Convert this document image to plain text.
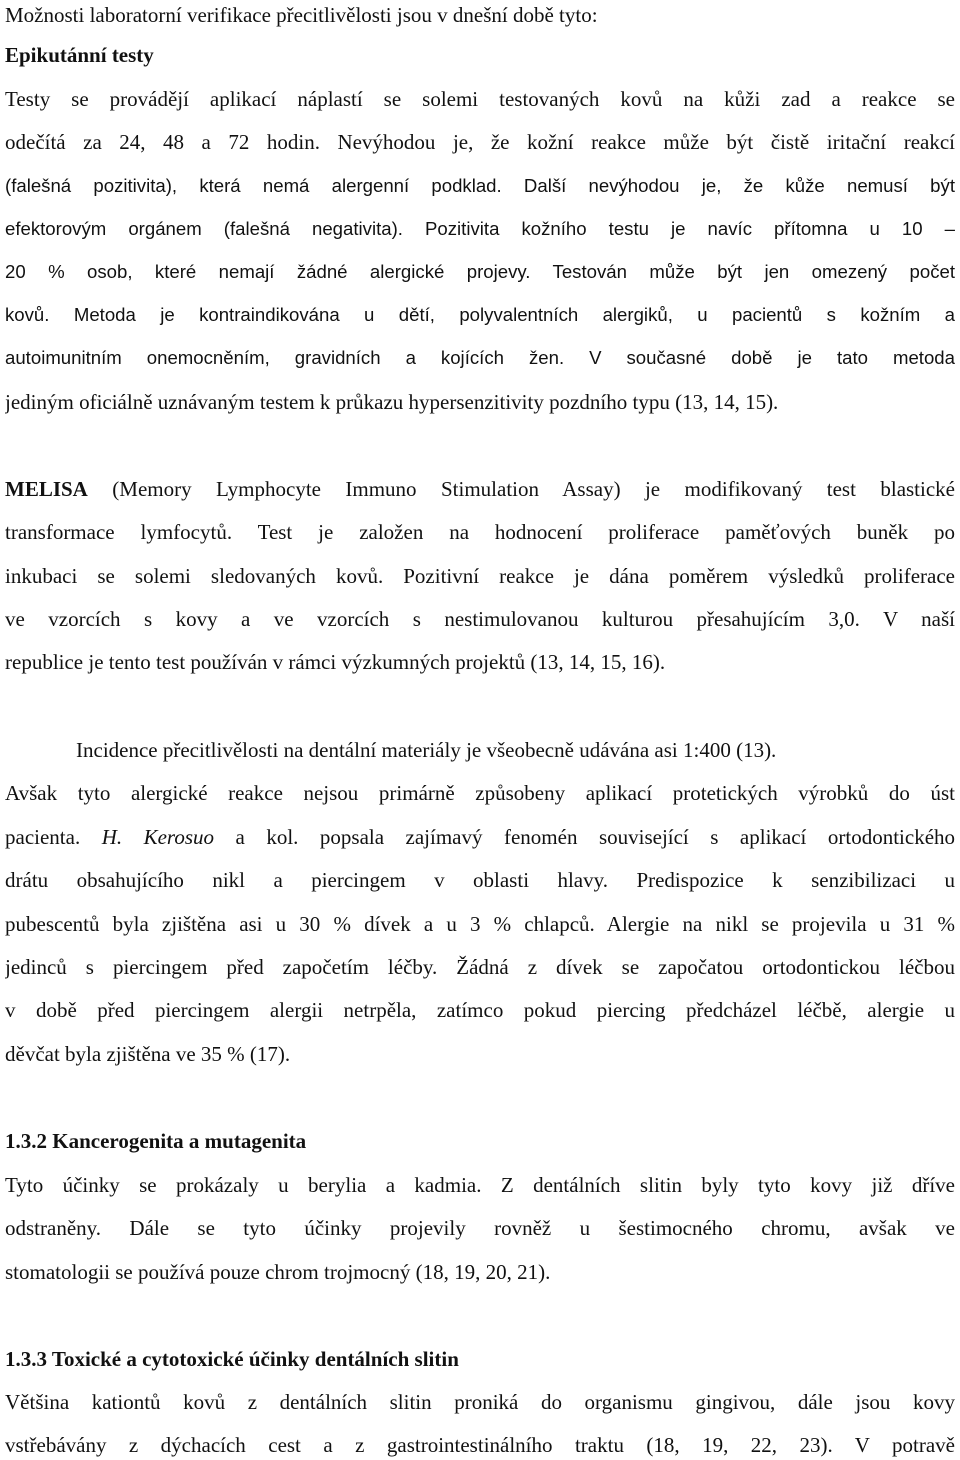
Možnosti laboratorní verifikace přecitlivělosti jsou v dnešní době tyto:
Epikutánní testy
Testy se provádějí aplikací náplastí se solemi testovaných kovů na kůži zad a reakce se
odečítá za 24, 48 a 72 hodin. Nevýhodou je, že kožní reakce může být čistě iritační reakcí
(falešná pozitivita), která nemá alergenní podklad. Další nevýhodou je, že kůže nemusí být
efektorovým orgánem (falešná negativita). Pozitivita kožního testu je navíc přítomna u 10 –
20 % osob, které nemají žádné alergické projevy. Testován může být jen omezený počet
kovů. Metoda je kontraindikována u dětí, polyvalentních alergiků, u pacientů s kožním a
autoimunitním onemocněním, gravidních a kojících žen. V současné době je tato metoda
jediným oficiálně uznávaným testem k průkazu hypersenzitivity pozdního typu (13, 14, 15).
MELISA (Memory Lymphocyte Immuno Stimulation Assay) je modifikovaný test blastické
transformace lymfocytů. Test je založen na hodnocení proliferace paměťových buněk po
inkubaci se solemi sledovaných kovů. Pozitivní reakce je dána poměrem výsledků proliferace
ve vzorcích s kovy a ve vzorcích s nestimulovanou kulturou přesahujícím 3,0. V naší
republice je tento test používán v rámci výzkumných projektů (13, 14, 15, 16).
Incidence přecitlivělosti na dentální materiály je všeobecně udávána asi 1:400 (13).
Avšak tyto alergické reakce nejsou primárně způsobeny aplikací protetických výrobků do úst
pacienta. H. Kerosuo a kol. popsala zajímavý fenomén související s aplikací ortodontického
drátu obsahujícího nikl a piercingem v oblasti hlavy. Predispozice k senzibilizaci u
pubescentů byla zjištěna asi u 30 % dívek a u 3 % chlapců. Alergie na nikl se projevila u 31 %
jedinců s piercingem před započetím léčby. Žádná z dívek se započatou ortodontickou léčbou
v době před piercingem alergii netrpěla, zatímco pokud piercing předcházel léčbě, alergie u
děvčat byla zjištěna ve 35 % (17).
1.3.2 Kancerogenita a mutagenita
Tyto účinky se prokázaly u berylia a kadmia. Z dentálních slitin byly tyto kovy již dříve
odstraněny. Dále se tyto účinky projevily rovněž u šestimocného chromu, avšak ve
stomatologii se používá pouze chrom trojmocný (18, 19, 20, 21).
1.3.3 Toxické a cytotoxické účinky dentálních slitin
Většina kationtů kovů z dentálních slitin proniká do organismu gingivou, dále jsou kovy
vstřebávány z dýchacích cest a z gastrointestinálního traktu (18, 19, 22, 23). V potravě
